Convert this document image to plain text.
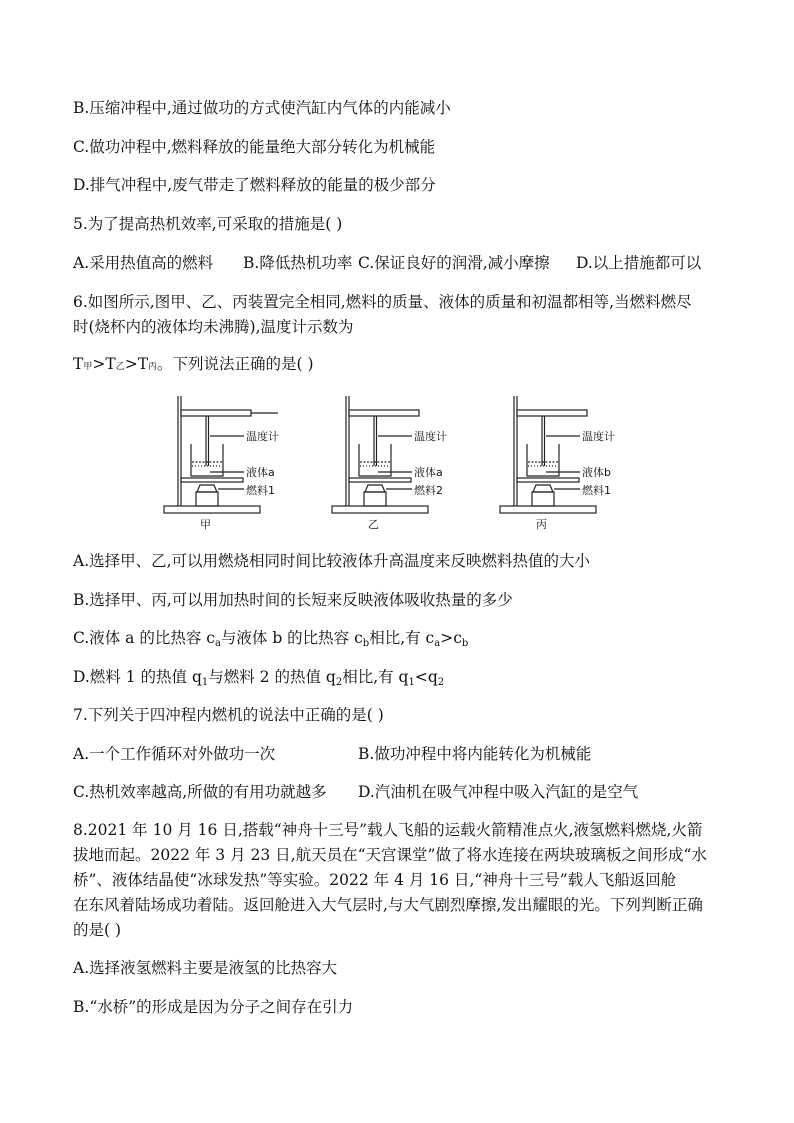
B.压缩冲程中,通过做功的方式使汽缸内气体的内能减小
C.做功冲程中,燃料释放的能量绝大部分转化为机械能
D.排气冲程中,废气带走了燃料释放的能量的极少部分
5.为了提高热机效率,可采取的措施是( )
A.采用热值高的燃料 B.降低热机功率 C.保证良好的润滑,减小摩擦 D.以上措施都可以
6.如图所示,图甲、乙、丙装置完全相同,燃料的质量、液体的质量和初温都相等,当燃料燃尽
时(烧杯内的液体均未沸腾),温度计示数为
T甲>T乙>T丙。下列说法正确的是( )
温度计
液体a
燃料1
甲
温度计
液体a
燃料2
乙
温度计
液体b
燃料1
丙
A.选择甲、乙,可以用燃烧相同时间比较液体升高温度来反映燃料热值的大小
B.选择甲、丙,可以用加热时间的长短来反映液体吸收热量的多少
C.液体 a 的比热容 $c_a$与液体 b 的比热容 $c_b$相比,有 $c_a>c_b$
D.燃料 1 的热值 $q_1$与燃料 2 的热值 $q_2$相比,有 $q_1<q_2$
7.下列关于四冲程内燃机的说法中正确的是( )
A.一个工作循环对外做功一次	B.做功冲程中将内能转化为机械能
C.热机效率越高,所做的有用功就越多 D.汽油机在吸气冲程中吸入汽缸的是空气
8.2021 年 10 月 16 日,搭载“神舟十三号”载人飞船的运载火箭精准点火,液氢燃料燃烧,火箭
拔地而起。2022 年 3 月 23 日,航天员在“天宫课堂”做了将水连接在两块玻璃板之间形成“水
桥”、液体结晶使“冰球发热”等实验。2022 年 4 月 16 日,“神舟十三号”载人飞船返回舱
在东风着陆场成功着陆。返回舱进入大气层时,与大气剧烈摩擦,发出耀眼的光。下列判断正确
的是( )
A.选择液氢燃料主要是液氢的比热容大
B.“水桥”的形成是因为分子之间存在引力
